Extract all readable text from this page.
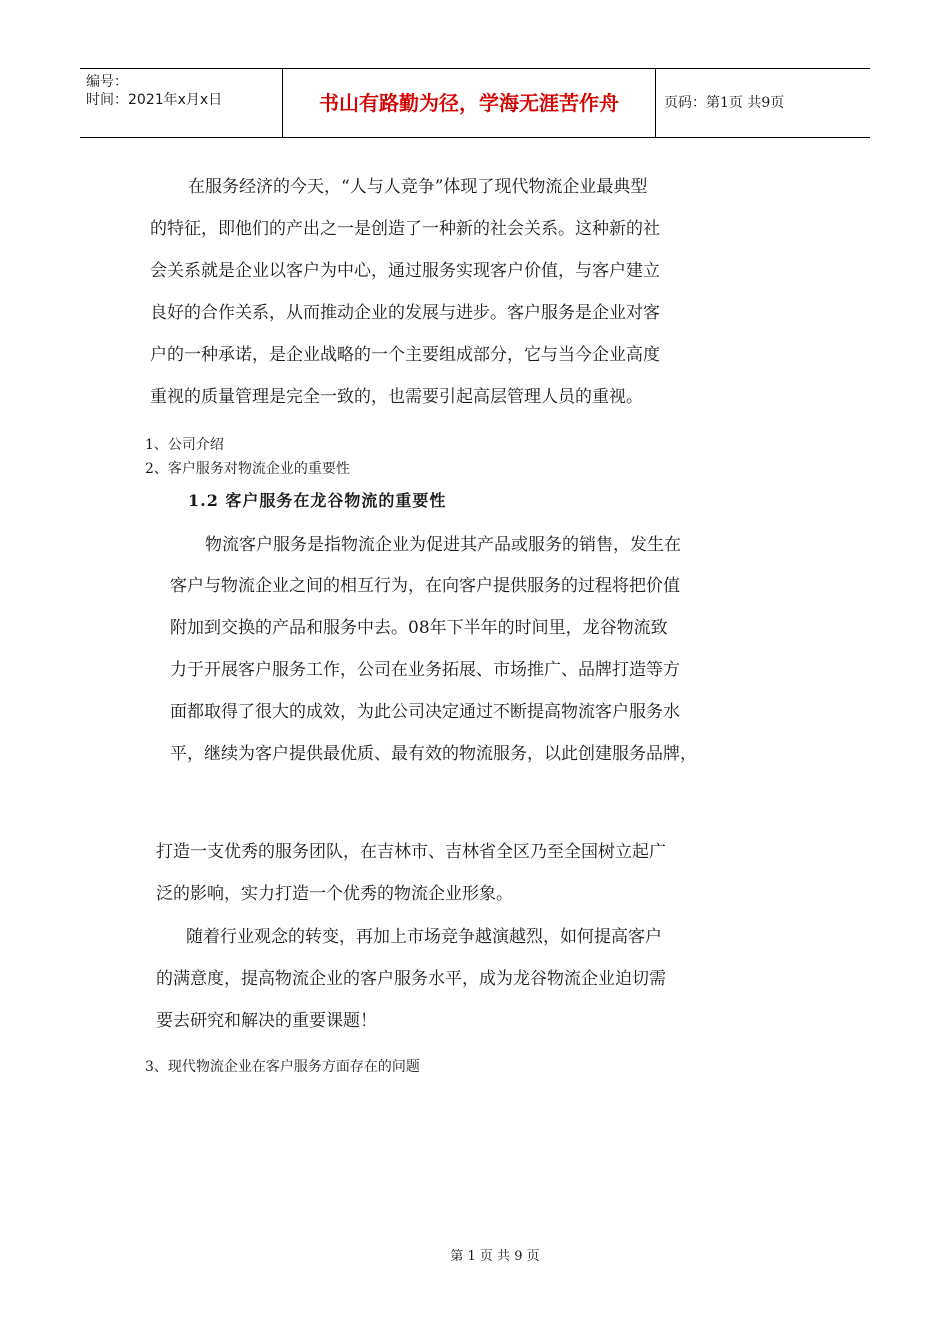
编号：
时间：2021年x月x日	书山有路勤为径，学海无涯苦作舟	页码：第1页 共9页
在服务经济的今天，“人与人竞争”体现了现代物流企业最典型
的特征，即他们的产出之一是创造了一种新的社会关系。这种新的社
会关系就是企业以客户为中心，通过服务实现客户价值，与客户建立
良好的合作关系，从而推动企业的发展与进步。客户服务是企业对客
户的一种承诺，是企业战略的一个主要组成部分，它与当今企业高度
重视的质量管理是完全一致的，也需要引起高层管理人员的重视。
1、公司介绍
2、客户服务对物流企业的重要性
1.2 客户服务在龙谷物流的重要性
物流客户服务是指物流企业为促进其产品或服务的销售，发生在
客户与物流企业之间的相互行为，在向客户提供服务的过程将把价值
附加到交换的产品和服务中去。08年下半年的时间里，龙谷物流致
力于开展客户服务工作，公司在业务拓展、市场推广、品牌打造等方
面都取得了很大的成效，为此公司决定通过不断提高物流客户服务水
平，继续为客户提供最优质、最有效的物流服务，以此创建服务品牌，
打造一支优秀的服务团队，在吉林市、吉林省全区乃至全国树立起广
泛的影响，实力打造一个优秀的物流企业形象。
随着行业观念的转变，再加上市场竞争越演越烈，如何提高客户
的满意度，提高物流企业的客户服务水平，成为龙谷物流企业迫切需
要去研究和解决的重要课题！
3、现代物流企业在客户服务方面存在的问题
第 1 页 共 9 页
